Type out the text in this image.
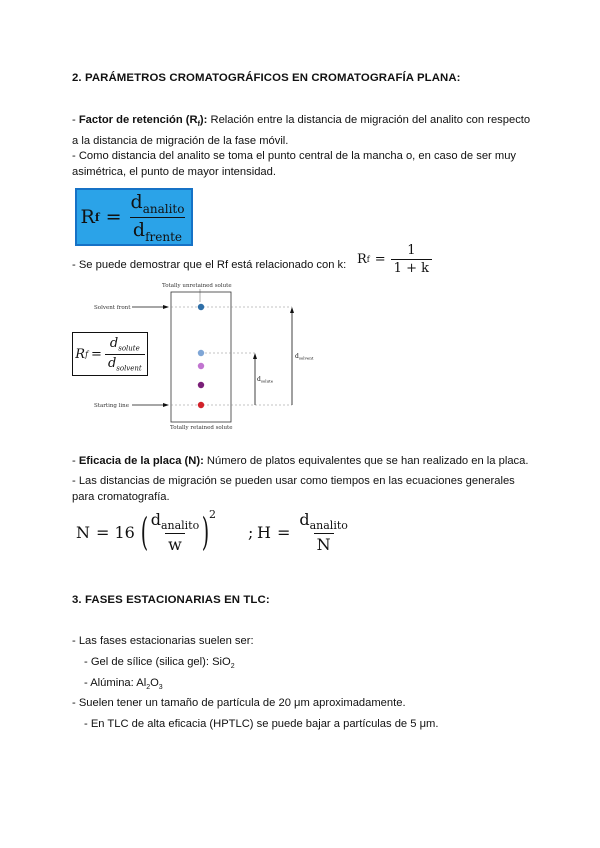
2. PARÁMETROS CROMATOGRÁFICOS EN CROMATOGRAFÍA PLANA:
- Factor de retención $(R_f)$: Relación entre la distancia de migración del analito con respecto
a la distancia de migración de la fase móvil.
- Como distancia del analito se toma el punto central de la mancha o, en caso de ser muy
asimétrica, el punto de mayor intensidad.
R $f = \frac{d_{analito}}{d_{frente}}$
- Se puede demostrar que el Rf está relacionado con k: R $f = \frac{1}{1 + k}$
Totally unretained solute
Totally retained solute
Solvent front
Starting line
$d_{solute}$
$d_{solvent}$
R $f = \frac{d_{solute}}{d_{solvent}}$
- Eficacia de la placa (N): Número de platos equivalentes que se han realizado en la placa.
- Las distancias de migración se pueden usar como tiempos en las ecuaciones generales
para cromatografía.
N = 16 ( $\frac{d_{analito}}{w} )^2$
; $H = \frac{d_{analito}}{N}$
3. FASES ESTACIONARIAS EN TLC:
- Las fases estacionarias suelen ser:
- Gel de sílice (silica gel): SiO$_2$
- Alúmina: $Al_2O_3$
- Suelen tener un tamaño de partícula de 20 μm aproximadamente.
- En TLC de alta eficacia (HPTLC) se puede bajar a partículas de 5 μm.
